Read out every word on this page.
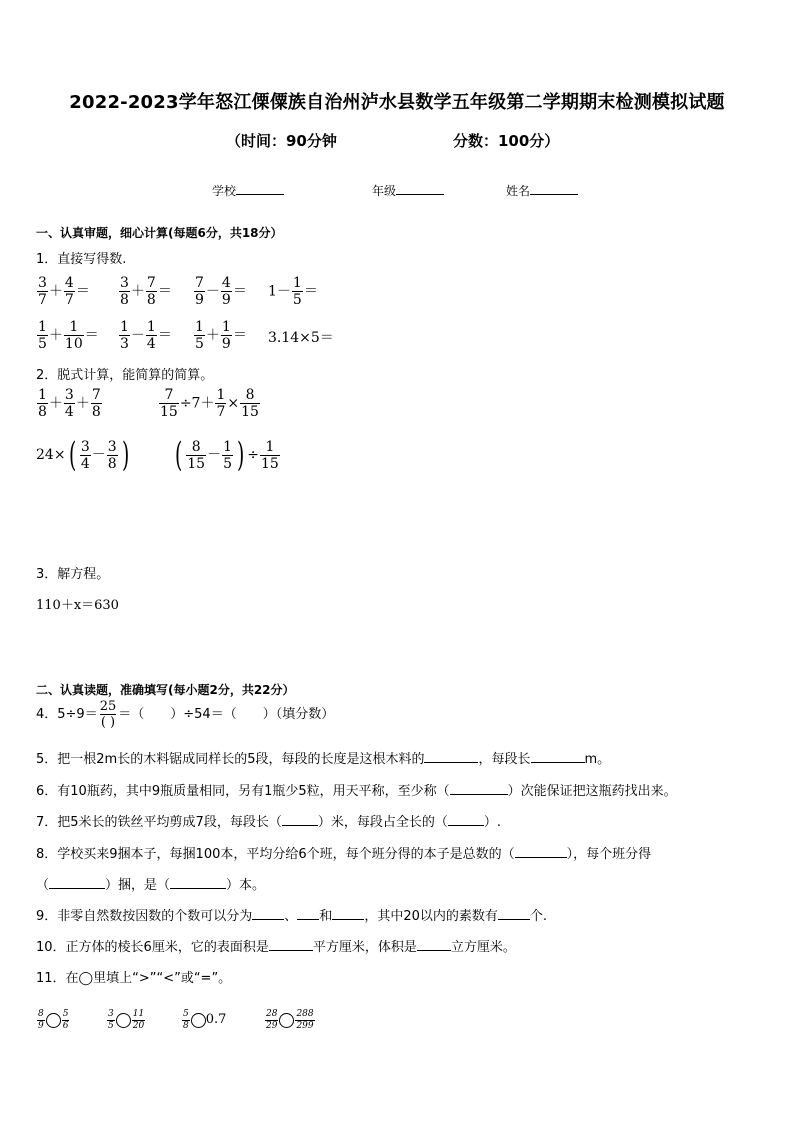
2022-2023学年怒江傈僳族自治州泸水县数学五年级第二学期期末检测模拟试题
（时间：90分钟	分数：100分）
学校	年级	姓名
一、认真审题，细心计算(每题6分，共18分）
1．直接写得数.
$\frac{3}{7} + \frac{4}{7} = \frac{3}{8} + \frac{7}{8} = \frac{7}{9} - \frac{4}{9} = 1- \frac{1}{5}$ ＝
$\frac{1}{5} + \frac{1}{10} = \frac{1}{3} - \frac{1}{4} = \frac{1}{5} + \frac{1}{9} = 3.14\times 5=$
2．脱式计算，能简算的简算。
$\frac{1}{8} + \frac{3}{4} + \frac{7}{8}$	$\frac{7}{15} \div 7+ \frac{1}{7} \times \frac{8}{15}$
$24\times( \frac{3}{4} - \frac{3}{8}$ ) ( $\frac{8}{15} - \frac{1}{5}$ ) ÷ $\frac{1}{15}$
3．解方程。
110＋x＝630
二、认真读题，准确填写(每小题2分，共22分）
4．$5\div 9= \frac{25}{( )}$ ＝（　　）÷54＝（　　）（填分数）
5．把一根2m长的木料锯成同样长的5段，每段的长度是这根木料的	，每段长	m。
6．有10瓶药，其中9瓶质量相同，另有1瓶少5粒，用天平称，至少称（	）次能保证把这瓶药找出来。
7．把5米长的铁丝平均剪成7段，每段长（	）米，每段占全长的（	）.
8．学校买来9捆本子，每捆100本，平均分给6个班，每个班分得的本子是总数的（	），每个班分得
（	）捆，是（	）本。
9．非零自然数按因数的个数可以分为 、 和 ，其中20以内的素数有 个.
10．正方体的棱长6厘米，它的表面积是	平方厘米，体积是	立方厘米。
11．在◯里填上“>”“<”或“=”。
$\frac{8}{9} \frac{5}{6}$	$\frac{3}{5} \frac{11}{20}$	$\frac{5}{8} 0.7$	$\frac{28}{29} \frac{288}{299}$
